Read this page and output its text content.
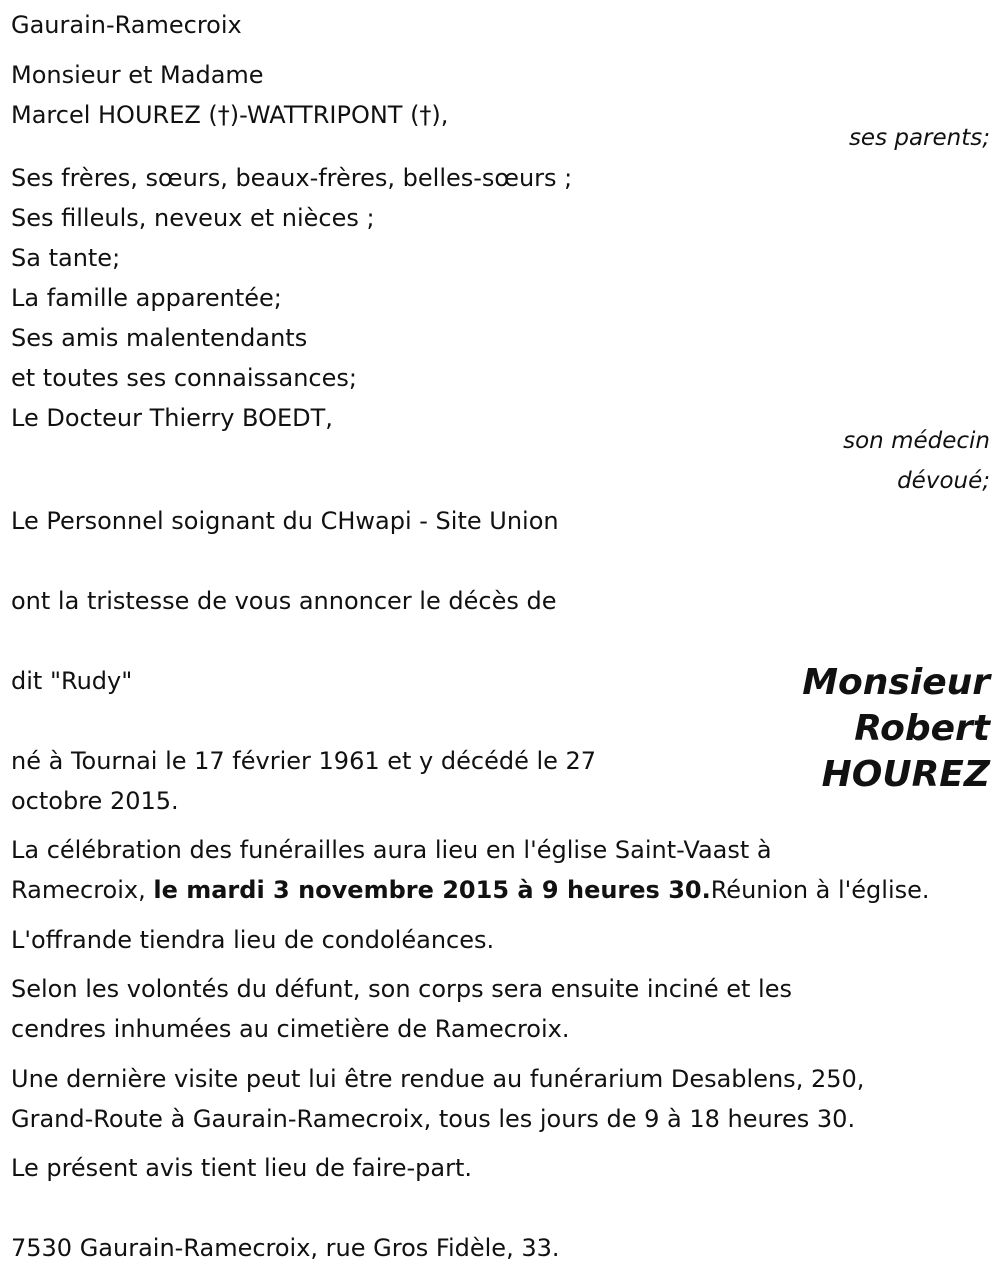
Gaurain-Ramecroix
Monsieur et Madame
Marcel HOUREZ (†)-WATTRIPONT (†),
ses parents;
Ses frères, sœurs, beaux-frères, belles-sœurs ;
Ses filleuls, neveux et nièces ;
Sa tante;
La famille apparentée;
Ses amis malentendants
et toutes ses connaissances;
Le Docteur Thierry BOEDT,
son médecin
dévoué;
Le Personnel soignant du CHwapi - Site Union
ont la tristesse de vous annoncer le décès de
dit "Rudy"	Monsieur
Robert
HOUREZ
né à Tournai le 17 février 1961 et y décédé le 27
octobre 2015.
La célébration des funérailles aura lieu en l'église Saint-Vaast à
Ramecroix, le mardi 3 novembre 2015 à 9 heures 30.Réunion à l'église.
L'offrande tiendra lieu de condoléances.
Selon les volontés du défunt, son corps sera ensuite inciné et les
cendres inhumées au cimetière de Ramecroix.
Une dernière visite peut lui être rendue au funérarium Desablens, 250,
Grand-Route à Gaurain-Ramecroix, tous les jours de 9 à 18 heures 30.
Le présent avis tient lieu de faire-part.
7530 Gaurain-Ramecroix, rue Gros Fidèle, 33.
